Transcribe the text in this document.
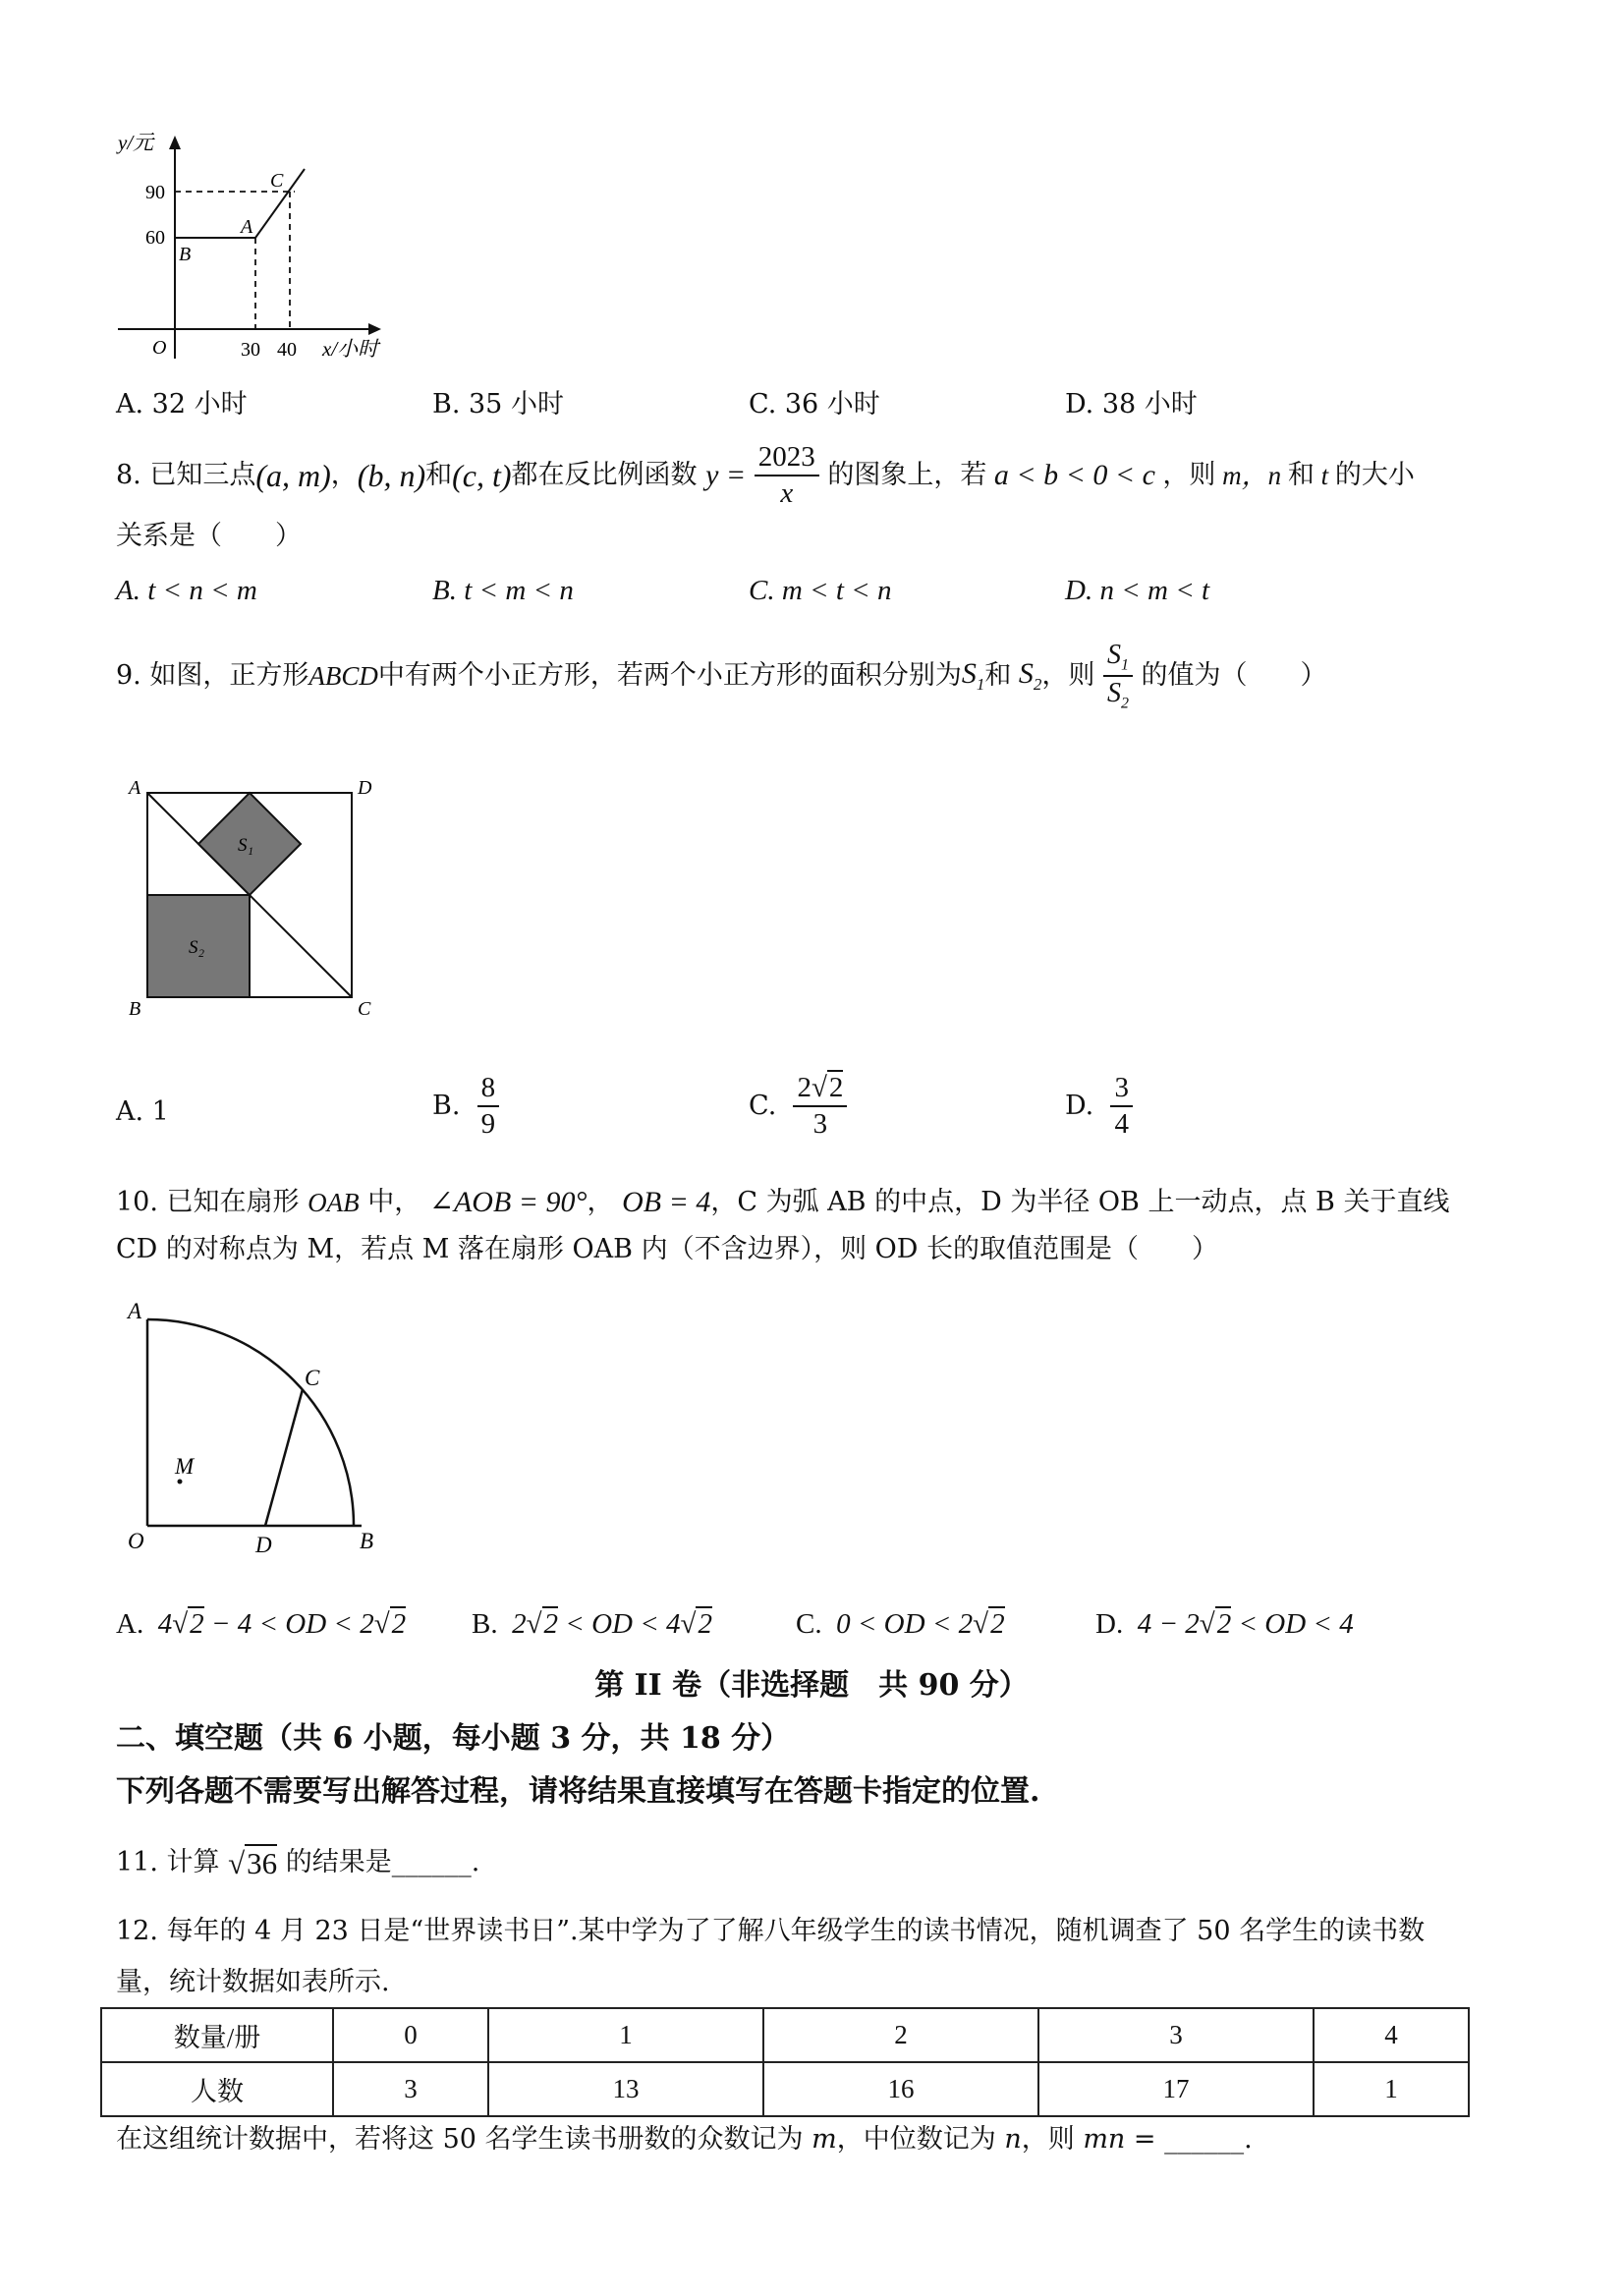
y/元
90
60
B
A
C
O	30 40 x/小时
A. 32 小时	B. 35 小时	C. 36 小时	D. 38 小时
8.
已知三点 (a, m) ， (b, n) 和 (c, t) 都在反比例函数
y =
$\frac{2023}{x}$
的图象上，若 a < b < 0 < c ，则 m， n 和 t 的大小
关系是（　　）
A. t < n < m	B. t < m < n	C. m < t < n	D. n < m < t
9.
如图，正方形 ABCD 中有两个小正方形，若两个小正方形的面积分别为 $S_1$ 和 $S_2$ ，则
$\frac{S_1}{S_2}$
的值为（　　）
A	D
B	C
S₁
S₂
A. 1	B.
$\frac{8}{9}$	C.
$\frac{2√2}{3}$	D.
$\frac{3}{4}$
10.
已知在扇形
OAB
中，
∠AOB = 90° ，
OB = 4 ，C 为弧 AB 的中点，D 为半径 OB 上一动点，点 B 关于直线
CD 的对称点为 M，若点 M 落在扇形 OAB 内（不含边界），则 OD 长的取值范围是（　　）
A
C
M
O	D	B
A.  4√2 − 4 < OD < 2√2 B.  2√2 < OD < 4√2	C.  0 < OD < 2√2	D.  4 − 2√2 < OD < 4
第 II 卷（非选择题　共 90 分）
二、填空题（共 6 小题，每小题 3 分，共 18 分）
下列各题不需要写出解答过程，请将结果直接填写在答题卡指定的位置.
11. 计算
√36
的结果是______.
12. 每年的 4 月 23 日是“世界读书日”.某中学为了了解八年级学生的读书情况，随机调查了 50 名学生的读书数
量，统计数据如表所示.
数量/册	0	1	2	3	4
人数	3	13	16	17	1
在这组统计数据中，若将这 50 名学生读书册数的众数记为 m，中位数记为 n，则 mn = ______.
